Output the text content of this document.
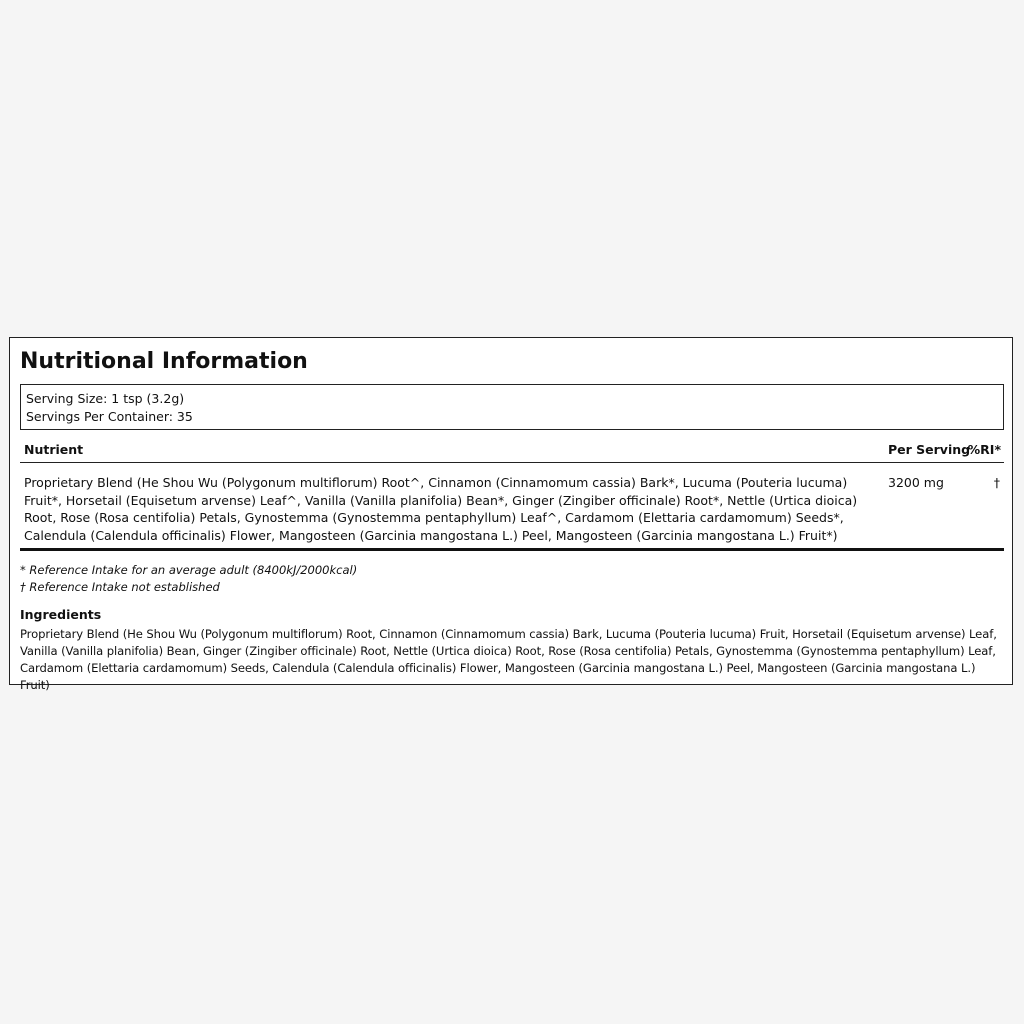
Nutritional Information
Serving Size: 1 tsp (3.2g)
Servings Per Container: 35
Nutrient	Per Serving
%RI*
Proprietary Blend (He Shou Wu (Polygonum multiflorum) Root^, Cinnamon (Cinnamomum cassia) Bark*, Lucuma (Pouteria lucuma) Fruit*, Horsetail (Equisetum arvense) Leaf^, Vanilla (Vanilla planifolia) Bean*, Ginger (Zingiber officinale) Root*, Nettle (Urtica dioica) Root, Rose (Rosa centifolia) Petals, Gynostemma (Gynostemma pentaphyllum) Leaf^, Cardamom (Elettaria cardamomum) Seeds*, Calendula (Calendula officinalis) Flower, Mangosteen (Garcinia mangostana L.) Peel, Mangosteen (Garcinia mangostana L.) Fruit*)
3200 mg	†
* Reference Intake for an average adult (8400kJ/2000kcal)
† Reference Intake not established
Ingredients
Proprietary Blend (He Shou Wu (Polygonum multiflorum) Root, Cinnamon (Cinnamomum cassia) Bark, Lucuma (Pouteria lucuma) Fruit, Horsetail (Equisetum arvense) Leaf, Vanilla (Vanilla planifolia) Bean, Ginger (Zingiber officinale) Root, Nettle (Urtica dioica) Root, Rose (Rosa centifolia) Petals, Gynostemma (Gynostemma pentaphyllum) Leaf, Cardamom (Elettaria cardamomum) Seeds, Calendula (Calendula officinalis) Flower, Mangosteen (Garcinia mangostana L.) Peel, Mangosteen (Garcinia mangostana L.) Fruit)
